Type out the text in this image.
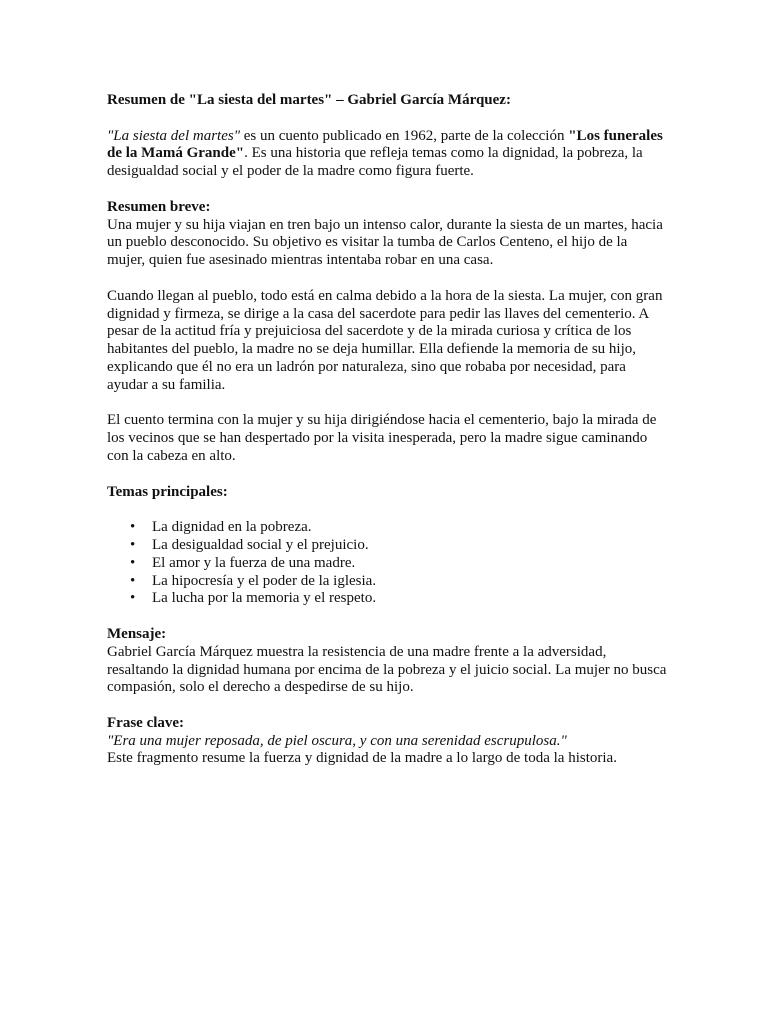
Resumen de "La siesta del martes" – Gabriel García Márquez:

"La siesta del martes" es un cuento publicado en 1962, parte de la colección "Los funerales de la Mamá Grande". Es una historia que refleja temas como la dignidad, la pobreza, la desigualdad social y el poder de la madre como figura fuerte.

Resumen breve:
Una mujer y su hija viajan en tren bajo un intenso calor, durante la siesta de un martes, hacia un pueblo desconocido. Su objetivo es visitar la tumba de Carlos Centeno, el hijo de la mujer, quien fue asesinado mientras intentaba robar en una casa.

Cuando llegan al pueblo, todo está en calma debido a la hora de la siesta. La mujer, con gran dignidad y firmeza, se dirige a la casa del sacerdote para pedir las llaves del cementerio. A pesar de la actitud fría y prejuiciosa del sacerdote y de la mirada curiosa y crítica de los habitantes del pueblo, la madre no se deja humillar. Ella defiende la memoria de su hijo, explicando que él no era un ladrón por naturaleza, sino que robaba por necesidad, para ayudar a su familia.

El cuento termina con la mujer y su hija dirigiéndose hacia el cementerio, bajo la mirada de los vecinos que se han despertado por la visita inesperada, pero la madre sigue caminando con la cabeza en alto.

Temas principales:

• La dignidad en la pobreza.
• La desigualdad social y el prejuicio.
• El amor y la fuerza de una madre.
• La hipocresía y el poder de la iglesia.
• La lucha por la memoria y el respeto.

Mensaje:
Gabriel García Márquez muestra la resistencia de una madre frente a la adversidad, resaltando la dignidad humana por encima de la pobreza y el juicio social. La mujer no busca compasión, solo el derecho a despedirse de su hijo.

Frase clave:
"Era una mujer reposada, de piel oscura, y con una serenidad escrupulosa."
Este fragmento resume la fuerza y dignidad de la madre a lo largo de toda la historia.
